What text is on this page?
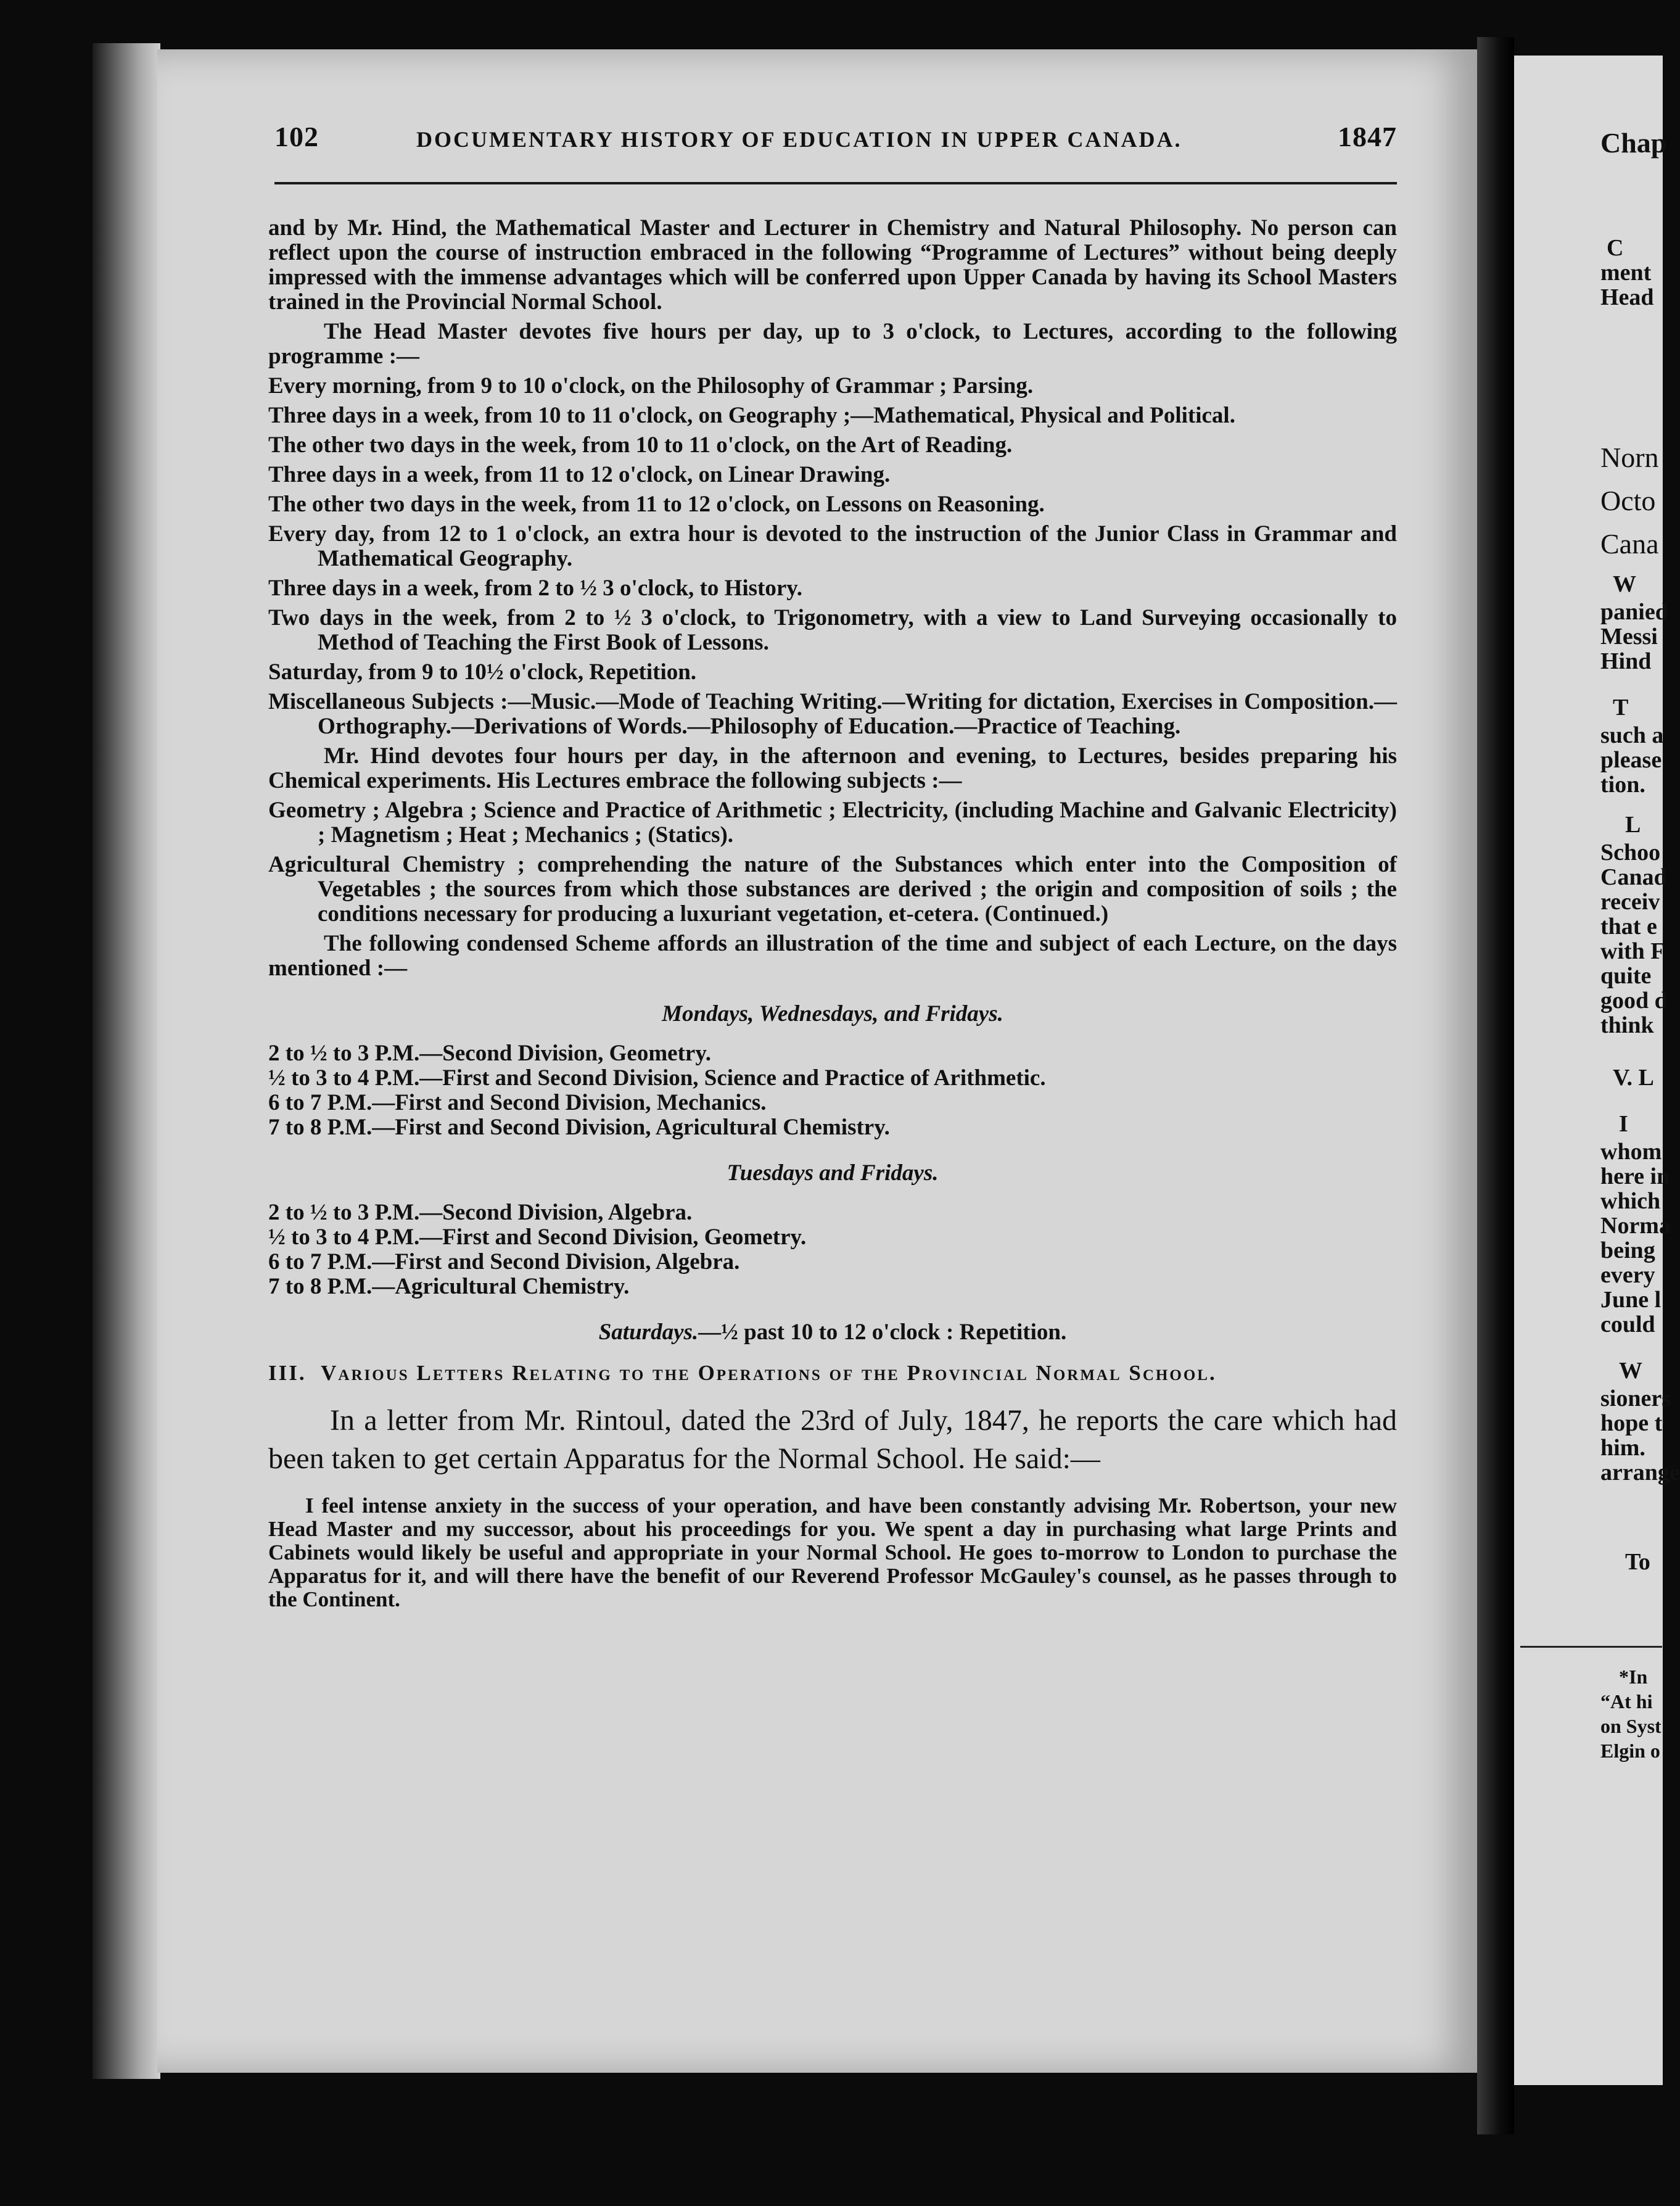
102	DOCUMENTARY HISTORY OF EDUCATION IN UPPER CANADA.	1847

and by Mr. Hind, the Mathematical Master and Lecturer in Chemistry and Natural Philosophy. No person can reflect upon the course of instruction embraced in the following “Programme of Lectures” without being deeply impressed with the immense advantages which will be conferred upon Upper Canada by having its School Masters trained in the Provincial Normal School.

The Head Master devotes five hours per day, up to 3 o'clock, to Lectures, according to the following programme :—

Every morning, from 9 to 10 o'clock, on the Philosophy of Grammar ; Parsing.

Three days in a week, from 10 to 11 o'clock, on Geography ;—Mathematical, Physical and Political.

The other two days in the week, from 10 to 11 o'clock, on the Art of Reading.

Three days in a week, from 11 to 12 o'clock, on Linear Drawing.

The other two days in the week, from 11 to 12 o'clock, on Lessons on Reasoning.

Every day, from 12 to 1 o'clock, an extra hour is devoted to the instruction of the Junior Class in Grammar and Mathematical Geography.

Three days in a week, from 2 to ½ 3 o'clock, to History.

Two days in the week, from 2 to ½ 3 o'clock, to Trigonometry, with a view to Land Surveying occasionally to Method of Teaching the First Book of Lessons.

Saturday, from 9 to 10½ o'clock, Repetition.

Miscellaneous Subjects :—Music.—Mode of Teaching Writing.—Writing for dictation, Exercises in Composition.—Orthography.—Derivations of Words.—Philosophy of Education.—Practice of Teaching.

Mr. Hind devotes four hours per day, in the afternoon and evening, to Lectures, besides preparing his Chemical experiments. His Lectures embrace the following subjects :—

Geometry ; Algebra ; Science and Practice of Arithmetic ; Electricity, (including Machine and Galvanic Electricity) ; Magnetism ; Heat ; Mechanics ; (Statics).

Agricultural Chemistry ; comprehending the nature of the Substances which enter into the Composition of Vegetables ; the sources from which those substances are derived ; the origin and composition of soils ; the conditions necessary for producing a luxuriant vegetation, et-cetera. (Continued.)

The following condensed Scheme affords an illustration of the time and subject of each Lecture, on the days mentioned :—

Mondays, Wednesdays, and Fridays.

2 to ½ to 3 P.M.—Second Division, Geometry.

½ to 3 to 4 P.M.—First and Second Division, Science and Practice of Arithmetic.

6 to 7 P.M.—First and Second Division, Mechanics.

7 to 8 P.M.—First and Second Division, Agricultural Chemistry.

Tuesdays and Fridays.

2 to ½ to 3 P.M.—Second Division, Algebra.

½ to 3 to 4 P.M.—First and Second Division, Geometry.

6 to 7 P.M.—First and Second Division, Algebra.

7 to 8 P.M.—Agricultural Chemistry.

Saturdays.—½ past 10 to 12 o'clock : Repetition.

III. Various Letters Relating to the Operations of the Provincial Normal School.

In a letter from Mr. Rintoul, dated the 23rd of July, 1847, he reports the care which had been taken to get certain Apparatus for the Normal School. He said:—

I feel intense anxiety in the success of your operation, and have been constantly advising Mr. Robertson, your new Head Master and my successor, about his proceedings for you. We spent a day in purchasing what large Prints and Cabinets would likely be useful and appropriate in your Normal School. He goes to-morrow to London to purchase the Apparatus for it, and will there have the benefit of our Reverend Professor McGauley's counsel, as he passes through to the Continent.

Chap
C
ment
Head
Norn
Octo
Cana
W
panied
Messi
Hind
T
such a
please
tion.
L
Schoo
Canad
receiv
that e
with F
quite
good d
think
V. L
I
whom
here in
which
Norma
being
every
June l
could
W
sioners
hope t
him.
arrange
To
*In
“At hi
on Syst
Elgin o
